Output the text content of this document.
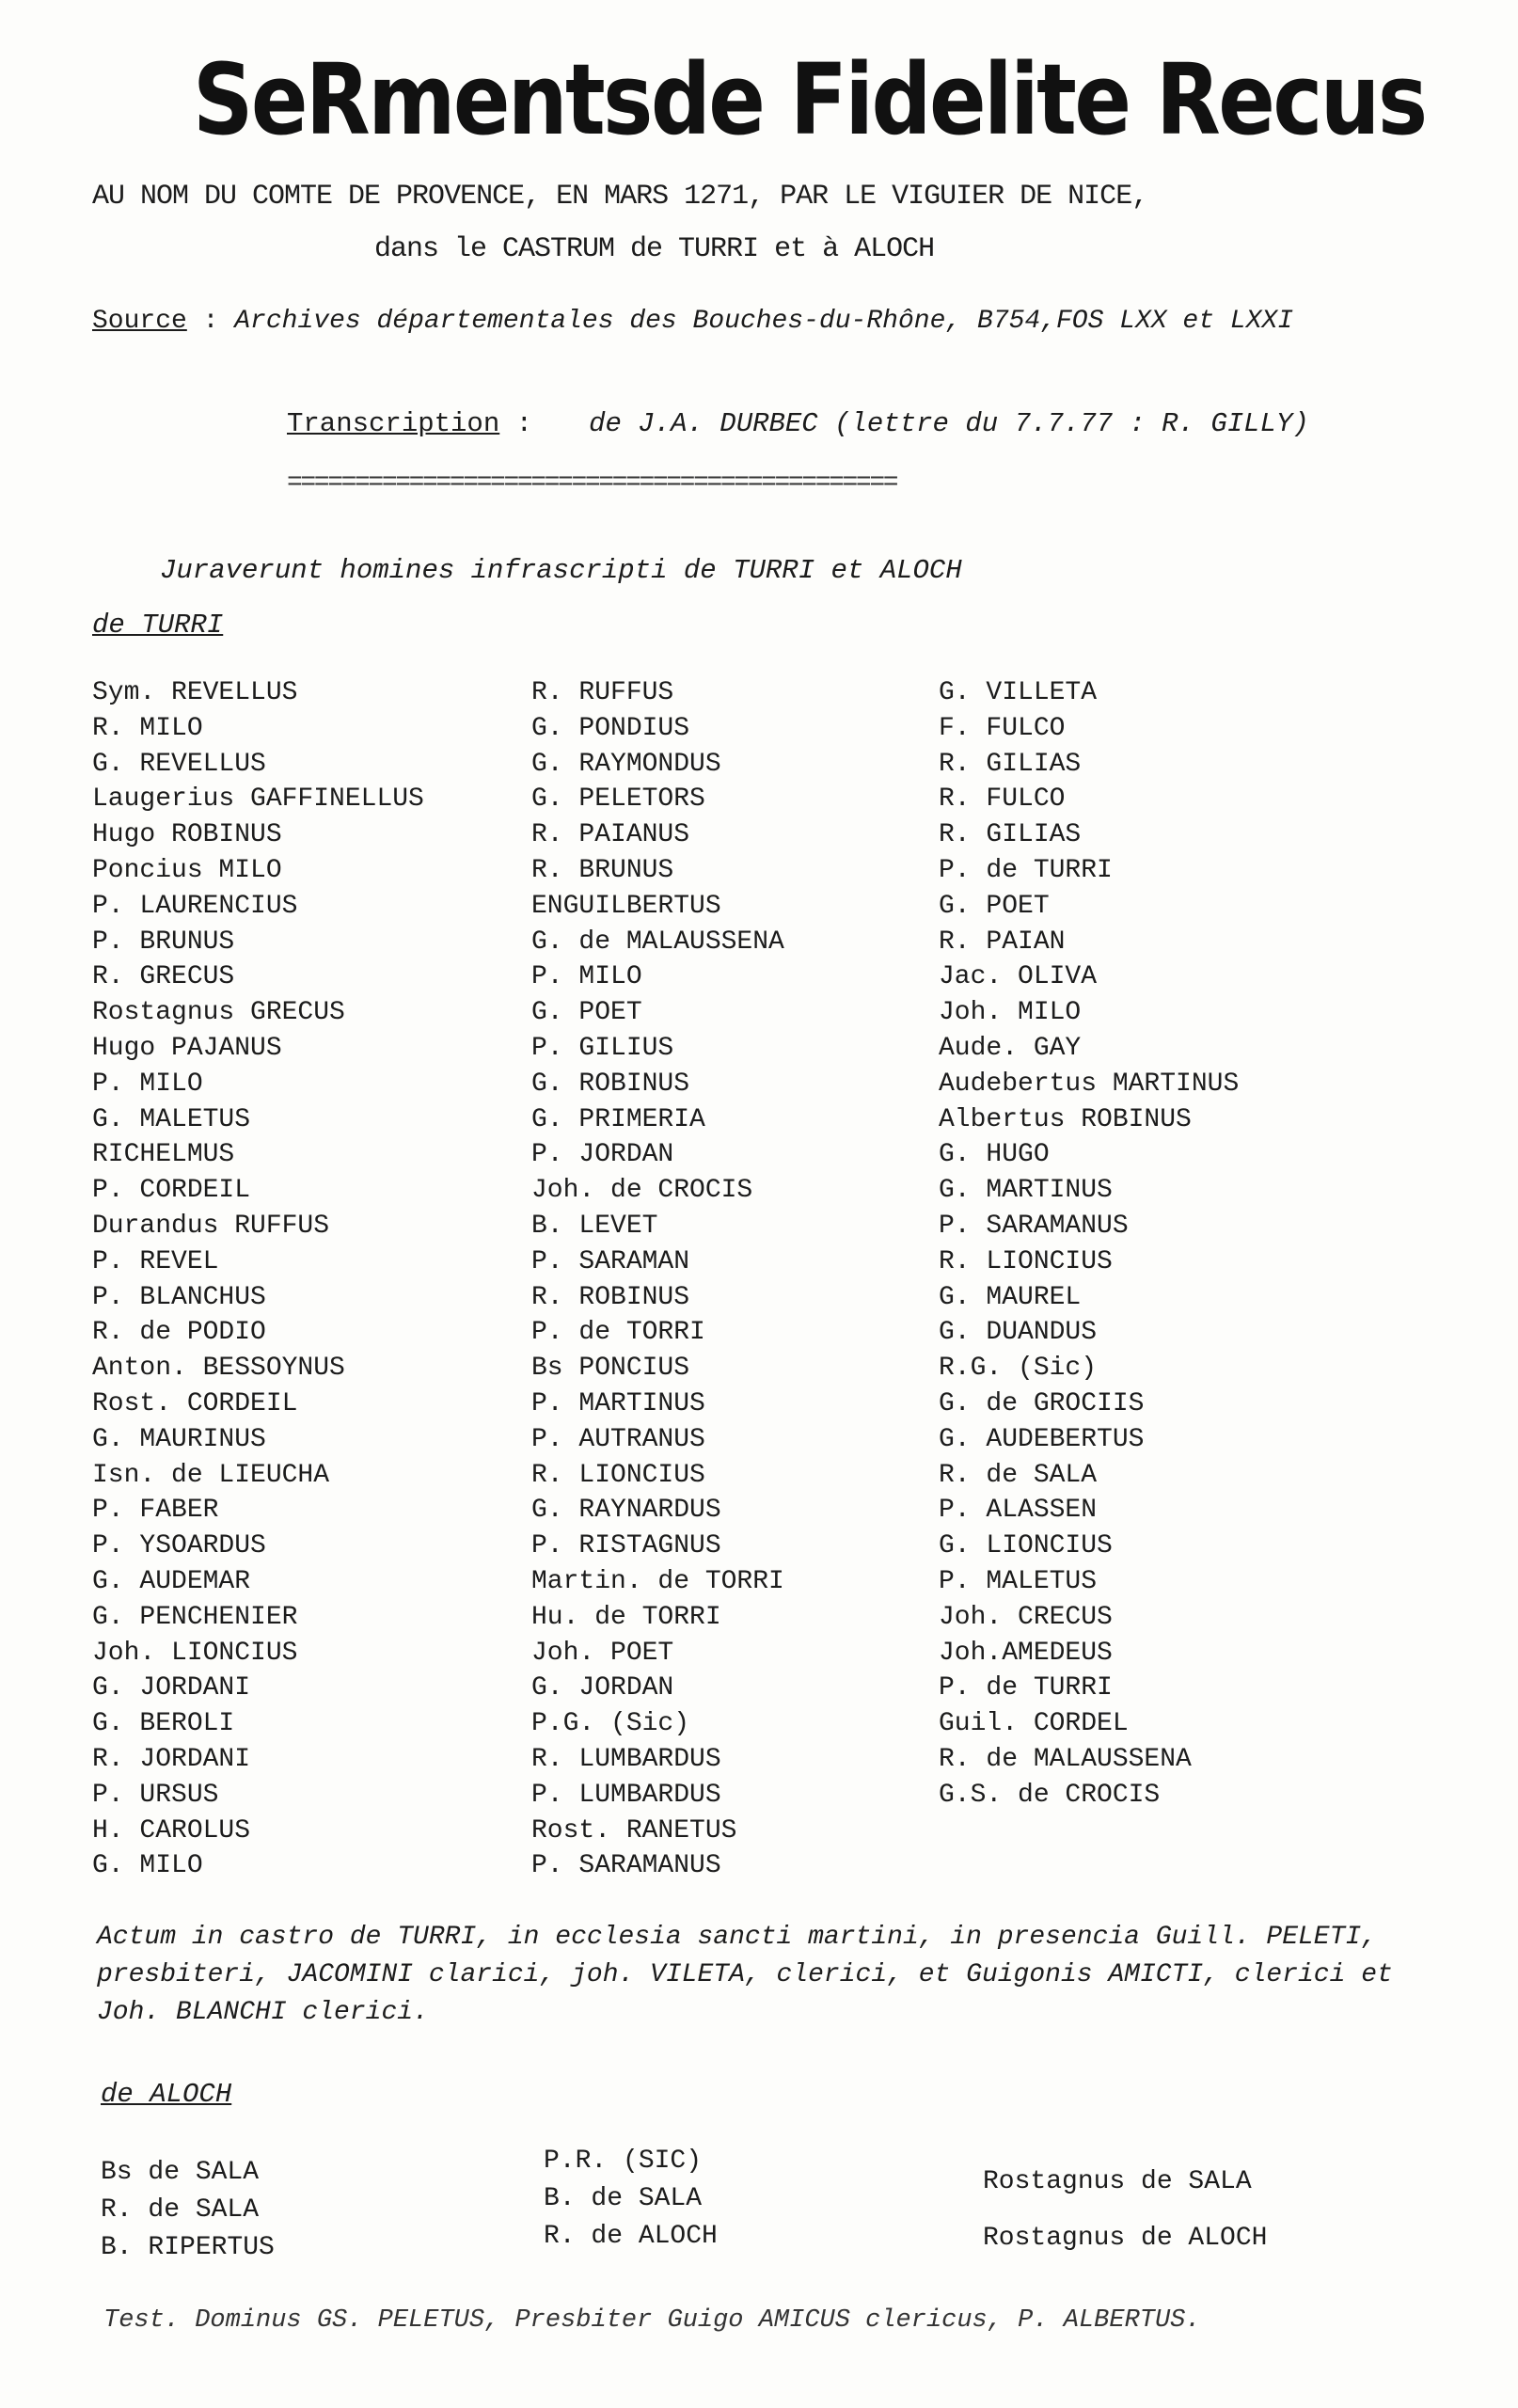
SeRmentsde Fidelite Recus
AU NOM DU COMTE DE PROVENCE, EN MARS 1271, PAR LE VIGUIER DE NICE,
dans le CASTRUM de TURRI et à ALOCH
Source : Archives départementales des Bouches-du-Rhône, B754,FOS LXX et LXXI
Transcription : de J.A. DURBEC (lettre du 7.7.77 : R. GILLY)
=============================================
Juraverunt homines infrascripti de TURRI et ALOCH
de TURRI
Sym. REVELLUS
R. MILO
G. REVELLUS
Laugerius GAFFINELLUS
Hugo ROBINUS
Poncius MILO
P. LAURENCIUS
P. BRUNUS
R. GRECUS
Rostagnus GRECUS
Hugo PAJANUS
P. MILO
G. MALETUS
RICHELMUS
P. CORDEIL
Durandus RUFFUS
P. REVEL
P. BLANCHUS
R. de PODIO
Anton. BESSOYNUS
Rost. CORDEIL
G. MAURINUS
Isn. de LIEUCHA
P. FABER
P. YSOARDUS
G. AUDEMAR
G. PENCHENIER
Joh. LIONCIUS
G. JORDANI
G. BEROLI
R. JORDANI
P. URSUS
H. CAROLUS
G. MILO
R. RUFFUS
G. PONDIUS
G. RAYMONDUS
G. PELETORS
R. PAIANUS
R. BRUNUS
ENGUILBERTUS
G. de MALAUSSENA
P. MILO
G. POET
P. GILIUS
G. ROBINUS
G. PRIMERIA
P. JORDAN
Joh. de CROCIS
B. LEVET
P. SARAMAN
R. ROBINUS
P. de TORRI
Bs PONCIUS
P. MARTINUS
P. AUTRANUS
R. LIONCIUS
G. RAYNARDUS
P. RISTAGNUS
Martin. de TORRI
Hu. de TORRI
Joh. POET
G. JORDAN
P.G. (Sic)
R. LUMBARDUS
P. LUMBARDUS
Rost. RANETUS
P. SARAMANUS
G. VILLETA
F. FULCO
R. GILIAS
R. FULCO
R. GILIAS
P. de TURRI
G. POET
R. PAIAN
Jac. OLIVA
Joh. MILO
Aude. GAY
Audebertus MARTINUS
Albertus ROBINUS
G. HUGO
G. MARTINUS
P. SARAMANUS
R. LIONCIUS
G. MAUREL
G. DUANDUS
R.G. (Sic)
G. de GROCIIS
G. AUDEBERTUS
R. de SALA
P. ALASSEN
G. LIONCIUS
P. MALETUS
Joh. CRECUS
Joh.AMEDEUS
P. de TURRI
Guil. CORDEL
R. de MALAUSSENA
G.S. de CROCIS
Actum in castro de TURRI, in ecclesia sancti martini, in presencia Guill. PELETI, presbiteri, JACOMINI clarici, joh. VILETA, clerici, et Guigonis AMICTI, clerici et Joh. BLANCHI clerici.
de ALOCH
Bs de SALA
R. de SALA
B. RIPERTUS
P.R. (SIC)
B. de SALA
R. de ALOCH
Rostagnus de SALA
Rostagnus de ALOCH
Test. Dominus GS. PELETUS, Presbiter Guigo AMICUS clericus, P. ALBERTUS.
